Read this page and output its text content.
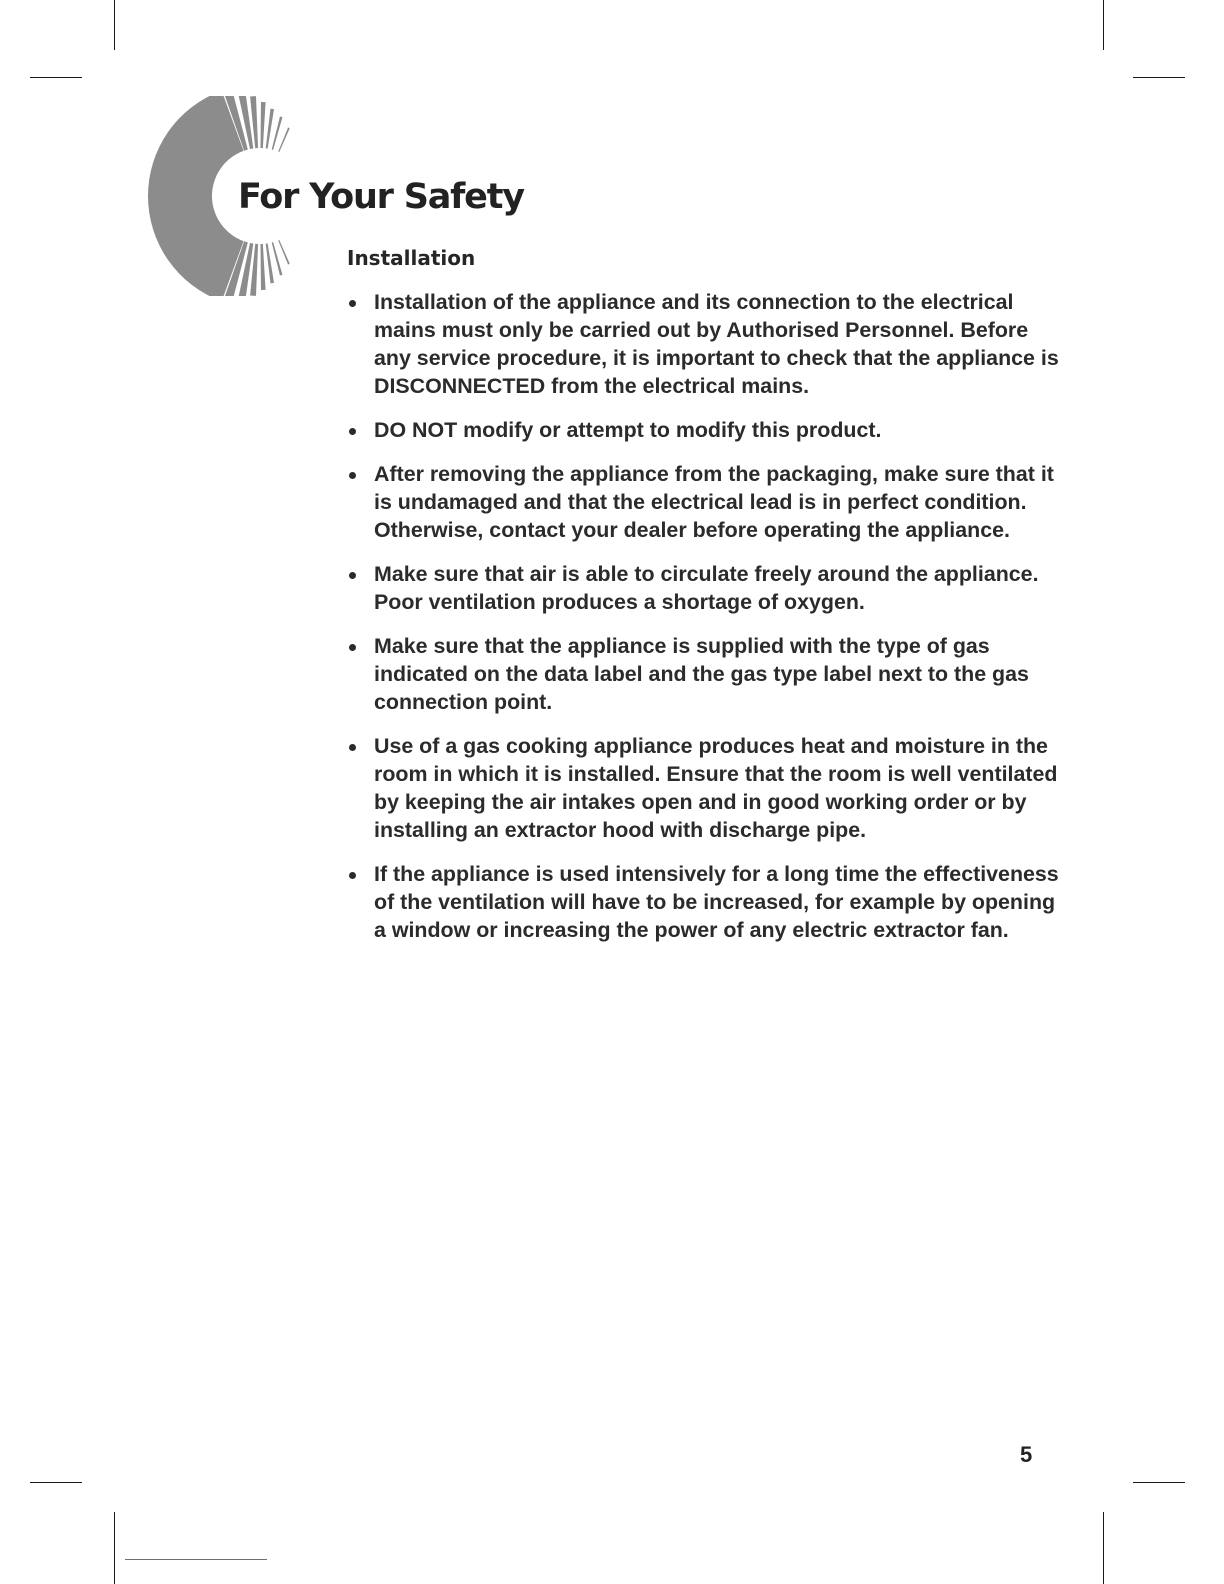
For Your Safety
Installation
Installation of the appliance and its connection to the electrical mains must only be carried out by Authorised Personnel. Before any service procedure, it is important to check that the appliance is DISCONNECTED from the electrical mains.
DO NOT modify or attempt to modify this product.
After removing the appliance from the packaging, make sure that it is undamaged and that the electrical lead is in perfect condition. Otherwise, contact your dealer before operating the appliance.
Make sure that air is able to circulate freely around the appliance. Poor ventilation produces a shortage of oxygen.
Make sure that the appliance is supplied with the type of gas indicated on the data label and the gas type label next to the gas connection point.
Use of a gas cooking appliance produces heat and moisture in the room in which it is installed. Ensure that the room is well ventilated by keeping the air intakes open and in good working order or by installing an extractor hood with discharge pipe.
If the appliance is used intensively for a long time the effectiveness of the ventilation will have to be increased, for example by opening a window or increasing the power of any electric extractor fan.
5
